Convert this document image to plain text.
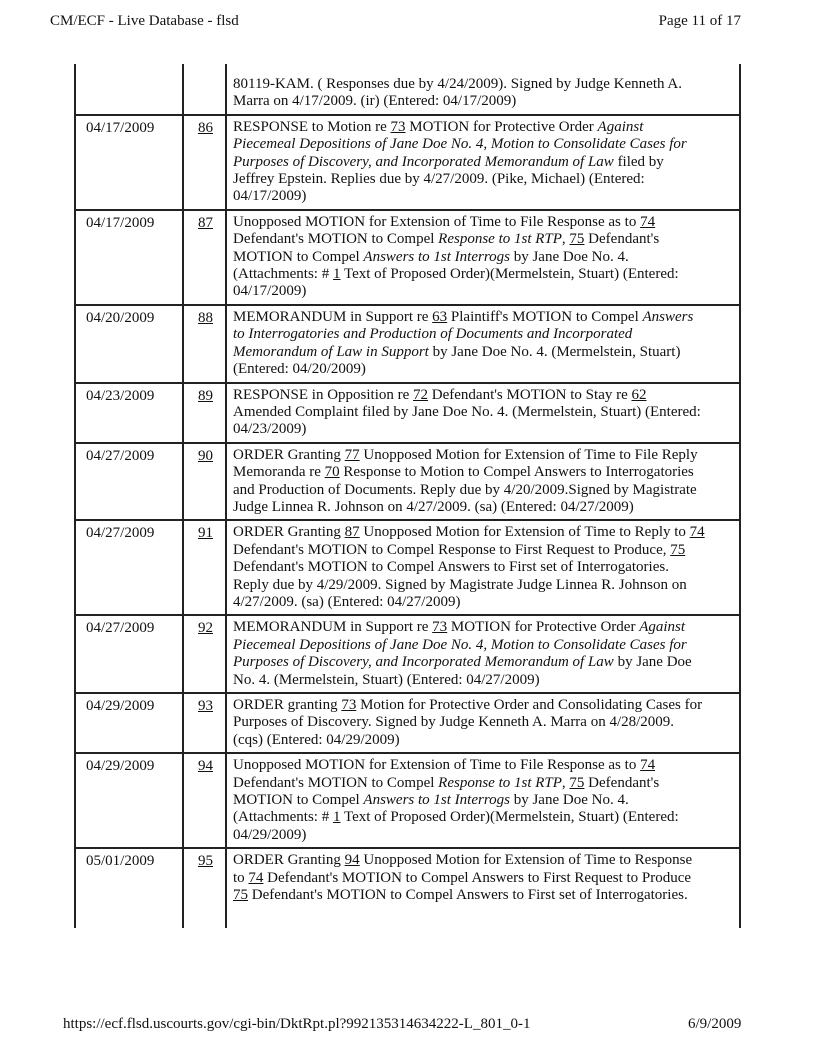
CM/ECF - Live Database - flsd	Page 11 of 17

		80119-KAM. ( Responses due by 4/24/2009). Signed by Judge Kenneth A.
Marra on 4/17/2009. (ir) (Entered: 04/17/2009)

04/17/2009	86	RESPONSE to Motion re 73 MOTION for Protective Order Against
Piecemeal Depositions of Jane Doe No. 4, Motion to Consolidate Cases for
Purposes of Discovery, and Incorporated Memorandum of Law filed by
Jeffrey Epstein. Replies due by 4/27/2009. (Pike, Michael) (Entered:
04/17/2009)

04/17/2009	87	Unopposed MOTION for Extension of Time to File Response as to 74
Defendant's MOTION to Compel Response to 1st RTP, 75 Defendant's
MOTION to Compel Answers to 1st Interrogs by Jane Doe No. 4.
(Attachments: # 1 Text of Proposed Order)(Mermelstein, Stuart) (Entered:
04/17/2009)

04/20/2009	88	MEMORANDUM in Support re 63 Plaintiff's MOTION to Compel Answers
to Interrogatories and Production of Documents and Incorporated
Memorandum of Law in Support by Jane Doe No. 4. (Mermelstein, Stuart)
(Entered: 04/20/2009)

04/23/2009	89	RESPONSE in Opposition re 72 Defendant's MOTION to Stay re 62
Amended Complaint filed by Jane Doe No. 4. (Mermelstein, Stuart) (Entered:
04/23/2009)

04/27/2009	90	ORDER Granting 77 Unopposed Motion for Extension of Time to File Reply
Memoranda re 70 Response to Motion to Compel Answers to Interrogatories
and Production of Documents. Reply due by 4/20/2009.Signed by Magistrate
Judge Linnea R. Johnson on 4/27/2009. (sa) (Entered: 04/27/2009)

04/27/2009	91	ORDER Granting 87 Unopposed Motion for Extension of Time to Reply to 74
Defendant's MOTION to Compel Response to First Request to Produce, 75
Defendant's MOTION to Compel Answers to First set of Interrogatories.
Reply due by 4/29/2009. Signed by Magistrate Judge Linnea R. Johnson on
4/27/2009. (sa) (Entered: 04/27/2009)

04/27/2009	92	MEMORANDUM in Support re 73 MOTION for Protective Order Against
Piecemeal Depositions of Jane Doe No. 4, Motion to Consolidate Cases for
Purposes of Discovery, and Incorporated Memorandum of Law by Jane Doe
No. 4. (Mermelstein, Stuart) (Entered: 04/27/2009)

04/29/2009	93	ORDER granting 73 Motion for Protective Order and Consolidating Cases for
Purposes of Discovery. Signed by Judge Kenneth A. Marra on 4/28/2009.
(cqs) (Entered: 04/29/2009)

04/29/2009	94	Unopposed MOTION for Extension of Time to File Response as to 74
Defendant's MOTION to Compel Response to 1st RTP, 75 Defendant's
MOTION to Compel Answers to 1st Interrogs by Jane Doe No. 4.
(Attachments: # 1 Text of Proposed Order)(Mermelstein, Stuart) (Entered:
04/29/2009)

05/01/2009	95	ORDER Granting 94 Unopposed Motion for Extension of Time to Response
to 74 Defendant's MOTION to Compel Answers to First Request to Produce
75 Defendant's MOTION to Compel Answers to First set of Interrogatories.
https://ecf.flsd.uscourts.gov/cgi-bin/DktRpt.pl?992135314634222-L_801_0-1	6/9/2009
